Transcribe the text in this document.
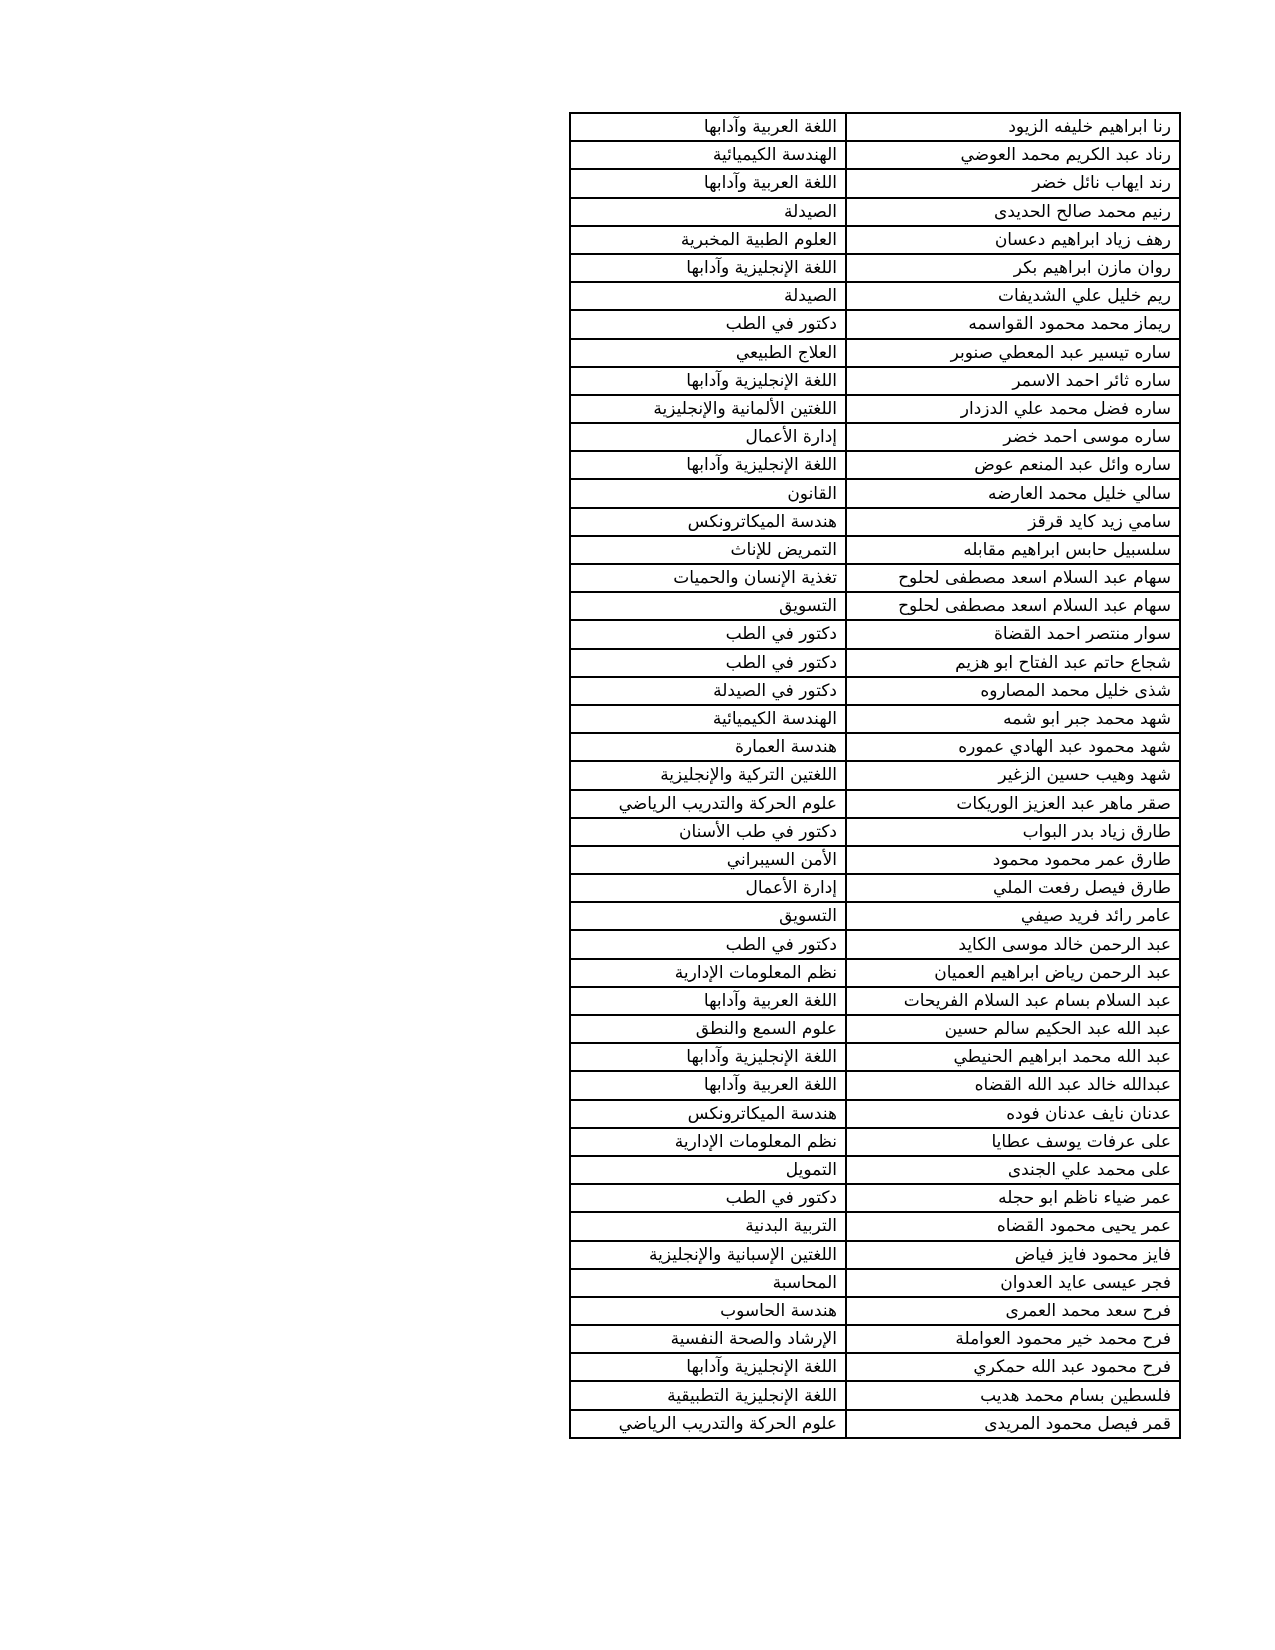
رنا ابراهيم خليفه الزيود	اللغة العربية وآدابها
رناد عبد الكريم محمد العوضي	الهندسة الكيميائية
رند ايهاب نائل خضر	اللغة العربية وآدابها
رنيم محمد صالح الحديدى	الصيدلة
رهف زياد ابراهيم دعسان	العلوم الطبية المخبرية
روان مازن ابراهيم بكر	اللغة الإنجليزية وآدابها
ريم خليل علي الشديفات	الصيدلة
ريماز محمد محمود القواسمه	دكتور في الطب
ساره تيسير عبد المعطي صنوبر	العلاج الطبيعي
ساره ثائر احمد الاسمر	اللغة الإنجليزية وآدابها
ساره فضل محمد علي الدزدار	اللغتين الألمانية والإنجليزية
ساره موسى احمد خضر	إدارة الأعمال
ساره وائل عبد المنعم عوض	اللغة الإنجليزية وآدابها
سالي خليل محمد العارضه	القانون
سامي زيد كايد قرقز	هندسة الميكاترونكس
سلسبيل حابس ابراهيم مقابله	التمريض للإناث
سهام عبد السلام اسعد مصطفى لحلوح	تغذية الإنسان والحميات
سهام عبد السلام اسعد مصطفى لحلوح	التسويق
سوار منتصر احمد القضاة	دكتور في الطب
شجاع حاتم عبد الفتاح ابو هزيم	دكتور في الطب
شذى خليل محمد المصاروه	دكتور في الصيدلة
شهد محمد جبر ابو شمه	الهندسة الكيميائية
شهد محمود عبد الهادي عموره	هندسة العمارة
شهد وهيب حسين الزغير	اللغتين التركية والإنجليزية
صقر ماهر عبد العزيز الوريكات	علوم الحركة والتدريب الرياضي
طارق زياد بدر البواب	دكتور في طب الأسنان
طارق عمر محمود محمود	الأمن السيبراني
طارق فيصل رفعت الملي	إدارة الأعمال
عامر رائد فريد صيفي	التسويق
عبد الرحمن خالد موسى الكايد	دكتور في الطب
عبد الرحمن رياض ابراهيم العميان	نظم المعلومات الإدارية
عبد السلام بسام عبد السلام الفريحات	اللغة العربية وآدابها
عبد الله عبد الحكيم سالم حسين	علوم السمع والنطق
عبد الله محمد ابراهيم الحنيطي	اللغة الإنجليزية وآدابها
عبدالله خالد عبد الله القضاه	اللغة العربية وآدابها
عدنان نايف عدنان فوده	هندسة الميكاترونكس
على عرفات يوسف عطايا	نظم المعلومات الإدارية
على محمد علي الجندى	التمويل
عمر ضياء ناظم ابو حجله	دكتور في الطب
عمر يحيى محمود القضاه	التربية البدنية
فايز محمود فايز فياض	اللغتين الإسبانية والإنجليزية
فجر عيسى عايد العدوان	المحاسبة
فرح سعد محمد العمرى	هندسة الحاسوب
فرح محمد خير محمود العواملة	الإرشاد والصحة النفسية
فرح محمود عبد الله حمكري	اللغة الإنجليزية وآدابها
فلسطين بسام محمد هديب	اللغة الإنجليزية التطبيقية
قمر فيصل محمود المريدى	علوم الحركة والتدريب الرياضي
